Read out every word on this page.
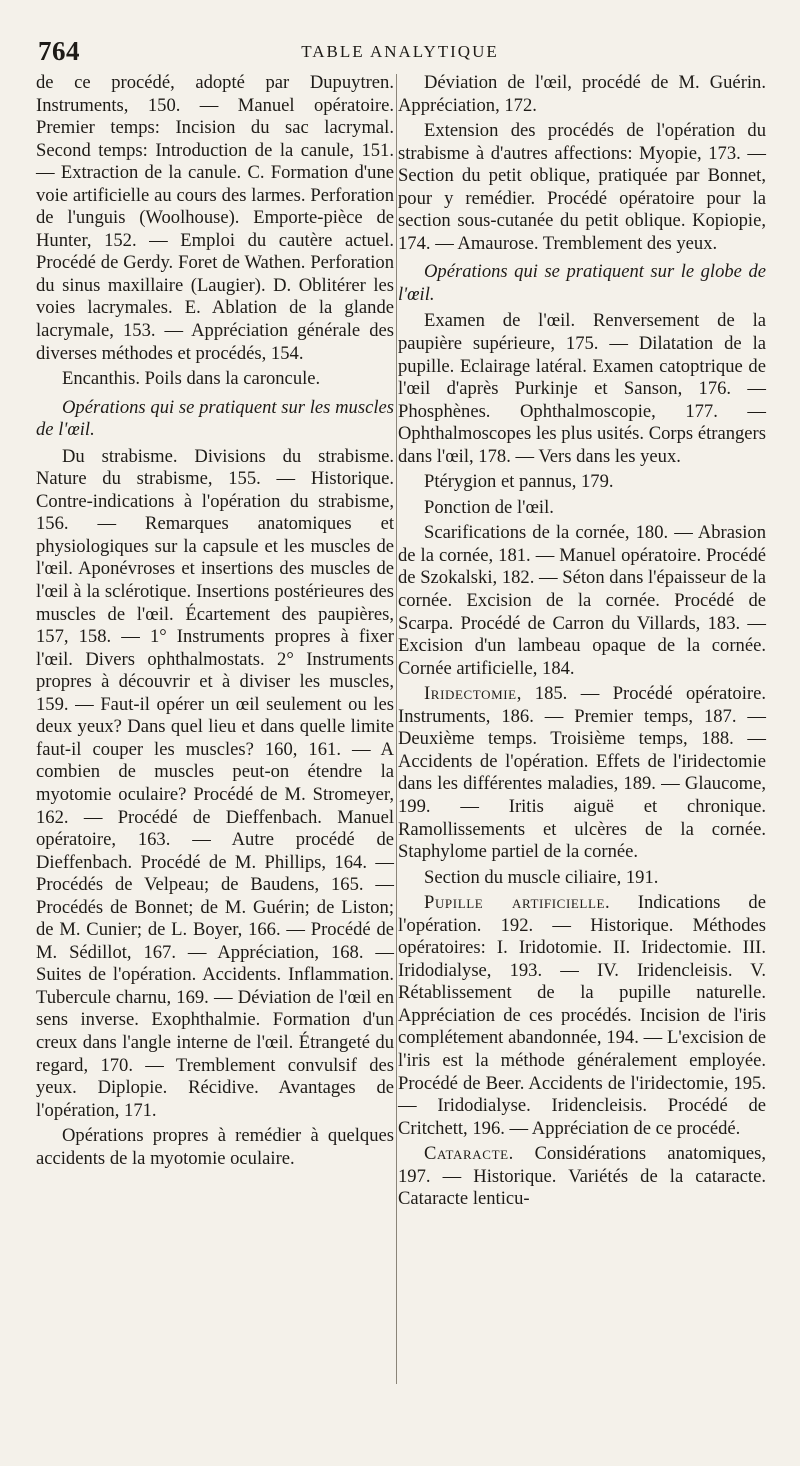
764	TABLE ANALYTIQUE

de ce procédé, adopté par Dupuytren. Instruments, 150. — Manuel opératoire. Premier temps: Incision du sac lacrymal. Second temps: Introduction de la canule, 151. — Extraction de la canule. C. Formation d'une voie artificielle au cours des larmes. Perforation de l'unguis (Woolhouse). Emporte-pièce de Hunter, 152. — Emploi du cautère actuel. Procédé de Gerdy. Foret de Wathen. Perforation du sinus maxillaire (Laugier). D. Oblitérer les voies lacrymales. E. Ablation de la glande lacrymale, 153. — Appréciation générale des diverses méthodes et procédés, 154.

Encanthis. Poils dans la caroncule.

Opérations qui se pratiquent sur les muscles de l'œil.

Du strabisme. Divisions du strabisme. Nature du strabisme, 155. — Historique. Contre-indications à l'opération du strabisme, 156. — Remarques anatomiques et physiologiques sur la capsule et les muscles de l'œil. Aponévroses et insertions des muscles de l'œil à la sclérotique. Insertions postérieures des muscles de l'œil. Écartement des paupières, 157, 158. — 1° Instruments propres à fixer l'œil. Divers ophthalmostats. 2° Instruments propres à découvrir et à diviser les muscles, 159. — Faut-il opérer un œil seulement ou les deux yeux? Dans quel lieu et dans quelle limite faut-il couper les muscles? 160, 161. — A combien de muscles peut-on étendre la myotomie oculaire? Procédé de M. Stromeyer, 162. — Procédé de Dieffenbach. Manuel opératoire, 163. — Autre procédé de Dieffenbach. Procédé de M. Phillips, 164. — Procédés de Velpeau; de Baudens, 165. — Procédés de Bonnet; de M. Guérin; de Liston; de M. Cunier; de L. Boyer, 166. — Procédé de M. Sédillot, 167. — Appréciation, 168. — Suites de l'opération. Accidents. Inflammation. Tubercule charnu, 169. — Déviation de l'œil en sens inverse. Exophthalmie. Formation d'un creux dans l'angle interne de l'œil. Étrangeté du regard, 170. — Tremblement convulsif des yeux. Diplopie. Récidive. Avantages de l'opération, 171.

Opérations propres à remédier à quelques accidents de la myotomie oculaire.

Déviation de l'œil, procédé de M. Guérin. Appréciation, 172.

Extension des procédés de l'opération du strabisme à d'autres affections: Myopie, 173. — Section du petit oblique, pratiquée par Bonnet, pour y remédier. Procédé opératoire pour la section sous-cutanée du petit oblique. Kopiopie, 174. — Amaurose. Tremblement des yeux.

Opérations qui se pratiquent sur le globe de l'œil.

Examen de l'œil. Renversement de la paupière supérieure, 175. — Dilatation de la pupille. Eclairage latéral. Examen catoptrique de l'œil d'après Purkinje et Sanson, 176. — Phosphènes. Ophthalmoscopie, 177. — Ophthalmoscopes les plus usités. Corps étrangers dans l'œil, 178. — Vers dans les yeux.

Ptérygion et pannus, 179.

Ponction de l'œil.

Scarifications de la cornée, 180. — Abrasion de la cornée, 181. — Manuel opératoire. Procédé de Szokalski, 182. — Séton dans l'épaisseur de la cornée. Excision de la cornée. Procédé de Scarpa. Procédé de Carron du Villards, 183. — Excision d'un lambeau opaque de la cornée. Cornée artificielle, 184.

Iridectomie, 185. — Procédé opératoire. Instruments, 186. — Premier temps, 187. — Deuxième temps. Troisième temps, 188. — Accidents de l'opération. Effets de l'iridectomie dans les différentes maladies, 189. — Glaucome, 199. — Iritis aiguë et chronique. Ramollissements et ulcères de la cornée. Staphylome partiel de la cornée.

Section du muscle ciliaire, 191.

Pupille artificielle. Indications de l'opération. 192. — Historique. Méthodes opératoires: I. Iridotomie. II. Iridectomie. III. Iridodialyse, 193. — IV. Iridencleisis. V. Rétablissement de la pupille naturelle. Appréciation de ces procédés. Incision de l'iris complétement abandonnée, 194. — L'excision de l'iris est la méthode généralement employée. Procédé de Beer. Accidents de l'iridectomie, 195. — Iridodialyse. Iridencleisis. Procédé de Critchett, 196. — Appréciation de ce procédé.

Cataracte. Considérations anatomiques, 197. — Historique. Variétés de la cataracte. Cataracte lenticu-
